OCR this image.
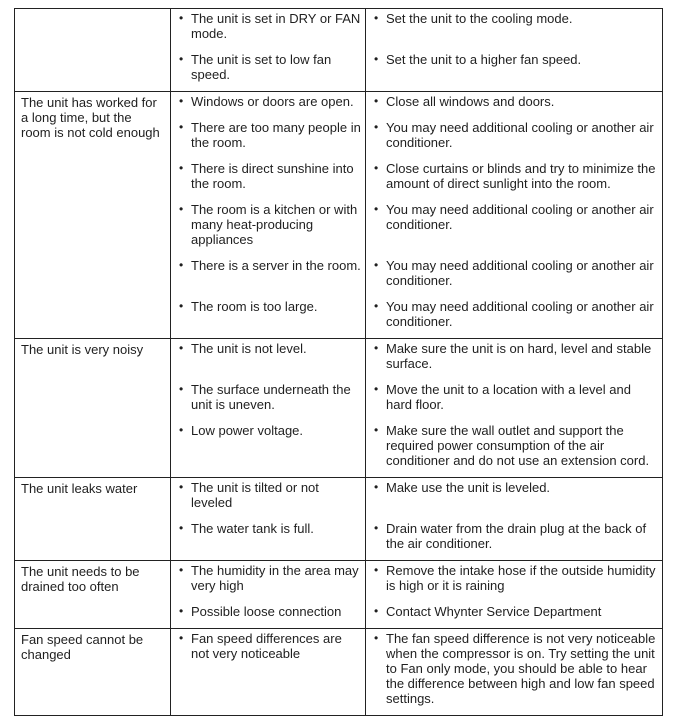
	• The unit is set in DRY or FAN mode.	• Set the unit to the cooling mode.

	• The unit is set to low fan speed.	• Set the unit to a higher fan speed.

The unit has worked for a long time, but the room is not cold enough	• Windows or doors are open.	• Close all windows and doors.

	• There are too many people in the room.	• You may need additional cooling or another air conditioner.

	• There is direct sunshine into the room.	• Close curtains or blinds and try to minimize the amount of direct sunlight into the room.

	• The room is a kitchen or with many heat-producing appliances	• You may need additional cooling or another air conditioner.

	• There is a server in the room.	• You may need additional cooling or another air conditioner.

	• The room is too large.	• You may need additional cooling or another air conditioner.

The unit is very noisy	• The unit is not level.	• Make sure the unit is on hard, level and stable surface.

	• The surface underneath the unit is uneven.	• Move the unit to a location with a level and hard floor.

	• Low power voltage.	• Make sure the wall outlet and support the required power consumption of the air conditioner and do not use an extension cord.

The unit leaks water	• The unit is tilted or not leveled	• Make use the unit is leveled.

	• The water tank is full.	• Drain water from the drain plug at the back of the air conditioner.

The unit needs to be drained too often	• The humidity in the area may very high	• Remove the intake hose if the outside humidity is high or it is raining

	• Possible loose connection	• Contact Whynter Service Department

Fan speed cannot be changed	• Fan speed differences are not very noticeable	• The fan speed difference is not very noticeable when the compressor is on. Try setting the unit to Fan only mode, you should be able to hear the difference between high and low fan speed settings.
